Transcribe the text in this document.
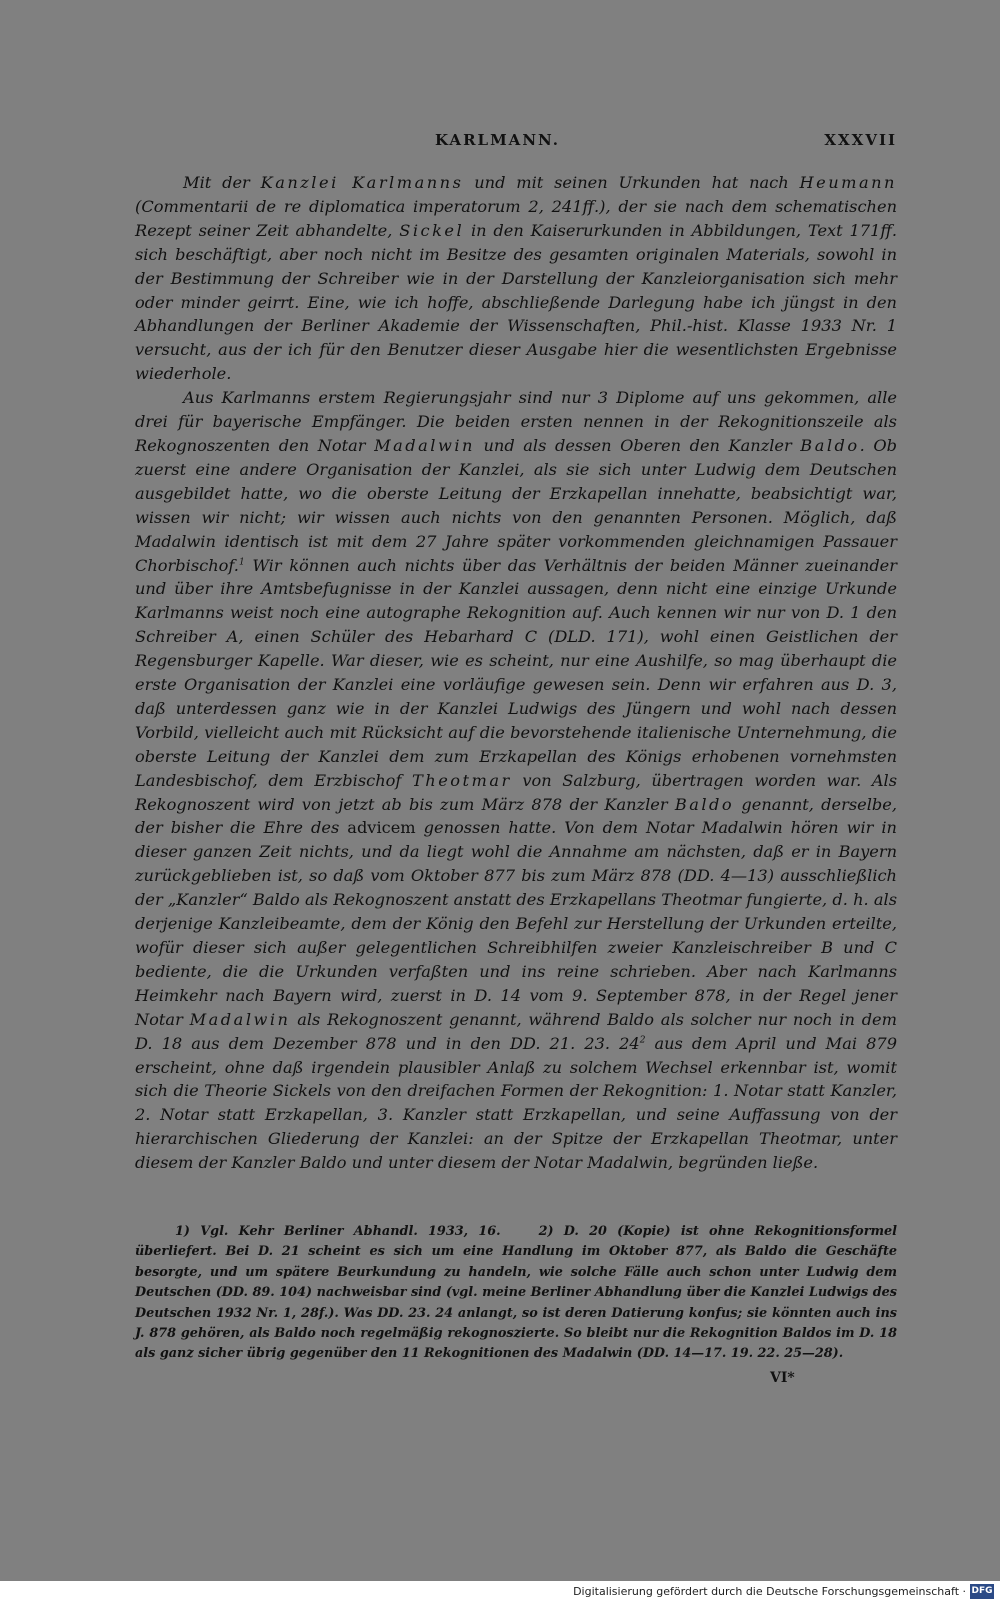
KARLMANN.	XXXVII

Mit der Kanzlei Karlmanns und mit seinen Urkunden hat nach Heumann (Commentarii de re diplomatica imperatorum 2, 241ff.), der sie nach dem schematischen Rezept seiner Zeit abhandelte, Sickel in den Kaiserurkunden in Abbildungen, Text 171ff. sich beschäftigt, aber noch nicht im Besitze des gesamten originalen Materials, sowohl in der Bestimmung der Schreiber wie in der Darstellung der Kanzleiorganisation sich mehr oder minder geirrt. Eine, wie ich hoffe, abschließende Darlegung habe ich jüngst in den Abhandlungen der Berliner Akademie der Wissenschaften, Phil.-hist. Klasse 1933 Nr. 1 versucht, aus der ich für den Benutzer dieser Ausgabe hier die wesentlichsten Ergebnisse wiederhole.

Aus Karlmanns erstem Regierungsjahr sind nur 3 Diplome auf uns gekommen, alle drei für bayerische Empfänger. Die beiden ersten nennen in der Rekognitionszeile als Rekognoszenten den Notar Madalwin und als dessen Oberen den Kanzler Baldo. Ob zuerst eine andere Organisation der Kanzlei, als sie sich unter Ludwig dem Deutschen ausgebildet hatte, wo die oberste Leitung der Erzkapellan innehatte, beabsichtigt war, wissen wir nicht; wir wissen auch nichts von den genannten Personen. Möglich, daß Madalwin identisch ist mit dem 27 Jahre später vorkommenden gleichnamigen Passauer Chorbischof.$^1$ Wir können auch nichts über das Verhältnis der beiden Männer zueinander und über ihre Amtsbefugnisse in der Kanzlei aussagen, denn nicht eine einzige Urkunde Karlmanns weist noch eine autographe Rekognition auf. Auch kennen wir nur von D. 1 den Schreiber A, einen Schüler des Hebarhard C (DLD. 171), wohl einen Geistlichen der Regensburger Kapelle. War dieser, wie es scheint, nur eine Aushilfe, so mag überhaupt die erste Organisation der Kanzlei eine vorläufige gewesen sein. Denn wir erfahren aus D. 3, daß unterdessen ganz wie in der Kanzlei Ludwigs des Jüngern und wohl nach dessen Vorbild, vielleicht auch mit Rücksicht auf die bevorstehende italienische Unternehmung, die oberste Leitung der Kanzlei dem zum Erzkapellan des Königs erhobenen vornehmsten Landesbischof, dem Erzbischof Theotmar von Salzburg, übertragen worden war. Als Rekognoszent wird von jetzt ab bis zum März 878 der Kanzler Baldo genannt, derselbe, der bisher die Ehre des advicem genossen hatte. Von dem Notar Madalwin hören wir in dieser ganzen Zeit nichts, und da liegt wohl die Annahme am nächsten, daß er in Bayern zurückgeblieben ist, so daß vom Oktober 877 bis zum März 878 (DD. 4—13) ausschließlich der „Kanzler“ Baldo als Rekognoszent anstatt des Erzkapellans Theotmar fungierte, d. h. als derjenige Kanzleibeamte, dem der König den Befehl zur Herstellung der Urkunden erteilte, wofür dieser sich außer gelegentlichen Schreibhilfen zweier Kanzleischreiber B und C bediente, die die Urkunden verfaßten und ins reine schrieben. Aber nach Karlmanns Heimkehr nach Bayern wird, zuerst in D. 14 vom 9. September 878, in der Regel jener Notar Madalwin als Rekognoszent genannt, während Baldo als solcher nur noch in dem D. 18 aus dem Dezember 878 und in den DD. 21. 23. $24^2$ aus dem April und Mai 879 erscheint, ohne daß irgendein plausibler Anlaß zu solchem Wechsel erkennbar ist, womit sich die Theorie Sickels von den dreifachen Formen der Rekognition: 1. Notar statt Kanzler, 2. Notar statt Erzkapellan, 3. Kanzler statt Erzkapellan, und seine Auffassung von der hierarchischen Gliederung der Kanzlei: an der Spitze der Erzkapellan Theotmar, unter diesem der Kanzler Baldo und unter diesem der Notar Madalwin, begründen ließe.

1) Vgl. Kehr Berliner Abhandl. 1933, 16.	2) D. 20 (Kopie) ist ohne Rekognitionsformel überliefert. Bei D. 21 scheint es sich um eine Handlung im Oktober 877, als Baldo die Geschäfte besorgte, und um spätere Beurkundung zu handeln, wie solche Fälle auch schon unter Ludwig dem Deutschen (DD. 89. 104) nachweisbar sind (vgl. meine Berliner Abhandlung über die Kanzlei Ludwigs des Deutschen 1932 Nr. 1, 28f.). Was DD. 23. 24 anlangt, so ist deren Datierung konfus; sie könnten auch ins J. 878 gehören, als Baldo noch regelmäßig rekognoszierte. So bleibt nur die Rekognition Baldos im D. 18 als ganz sicher übrig gegenüber den 11 Rekognitionen des Madalwin (DD. 14—17. 19. 22. 25—28).

VI*
Digitalisierung gefördert durch die Deutsche Forschungsgemeinschaft · DFG
